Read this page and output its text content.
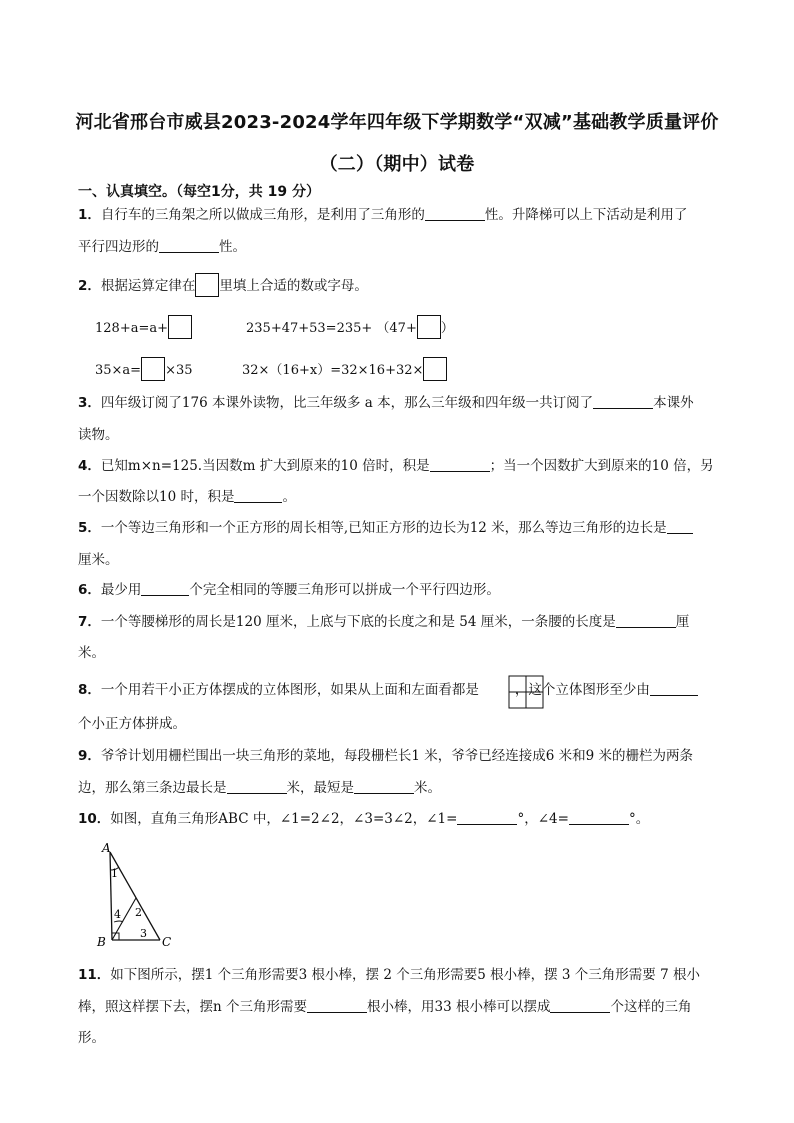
河北省邢台市威县2023-2024学年四年级下学期数学“双减”基础教学质量评价
（二）（期中）试卷
一、认真填空。（每空1分，共 19 分）
1．自行车的三角架之所以做成三角形，是利用了三角形的	性。升降梯可以上下活动是利用了
平行四边形的	性。
2．根据运算定律在 里填上合适的数或字母。
128+a=a+	235+47+53=235+ （47+ ）
35×a= ×35	32×（16+x）=32×16+32×
3．四年级订阅了176 本课外读物，比三年级多 a 本，那么三年级和四年级一共订阅了	本课外
读物。
4．已知m×n=125.当因数m 扩大到原来的10 倍时，积是	；当一个因数扩大到原来的10 倍，另
一个因数除以10 时，积是	。
5．一个等边三角形和一个正方形的周长相等,已知正方形的边长为12 米，那么等边三角形的边长是
厘米。
6．最少用	个完全相同的等腰三角形可以拼成一个平行四边形。
7．一个等腰梯形的周长是120 厘米，上底与下底的长度之和是 54 厘米，一条腰的长度是	厘
米。
8．一个用若干小正方体摆成的立体图形，如果从上面和左面看都是	，这个立体图形至少由
个小正方体拼成。
9．爷爷计划用栅栏围出一块三角形的菜地，每段栅栏长1 米，爷爷已经连接成6 米和9 米的栅栏为两条
边，那么第三条边最长是	米，最短是	米。
10．如图，直角三角形ABC 中，∠1=2∠2，∠3=3∠2，∠1=	°，∠4=	°。
A
B	C
1
2
3
4
11．如下图所示，摆1 个三角形需要3 根小棒，摆 2 个三角形需要5 根小棒，摆 3 个三角形需要 7 根小
棒，照这样摆下去，摆n 个三角形需要	根小棒，用33 根小棒可以摆成	个这样的三角
形。
